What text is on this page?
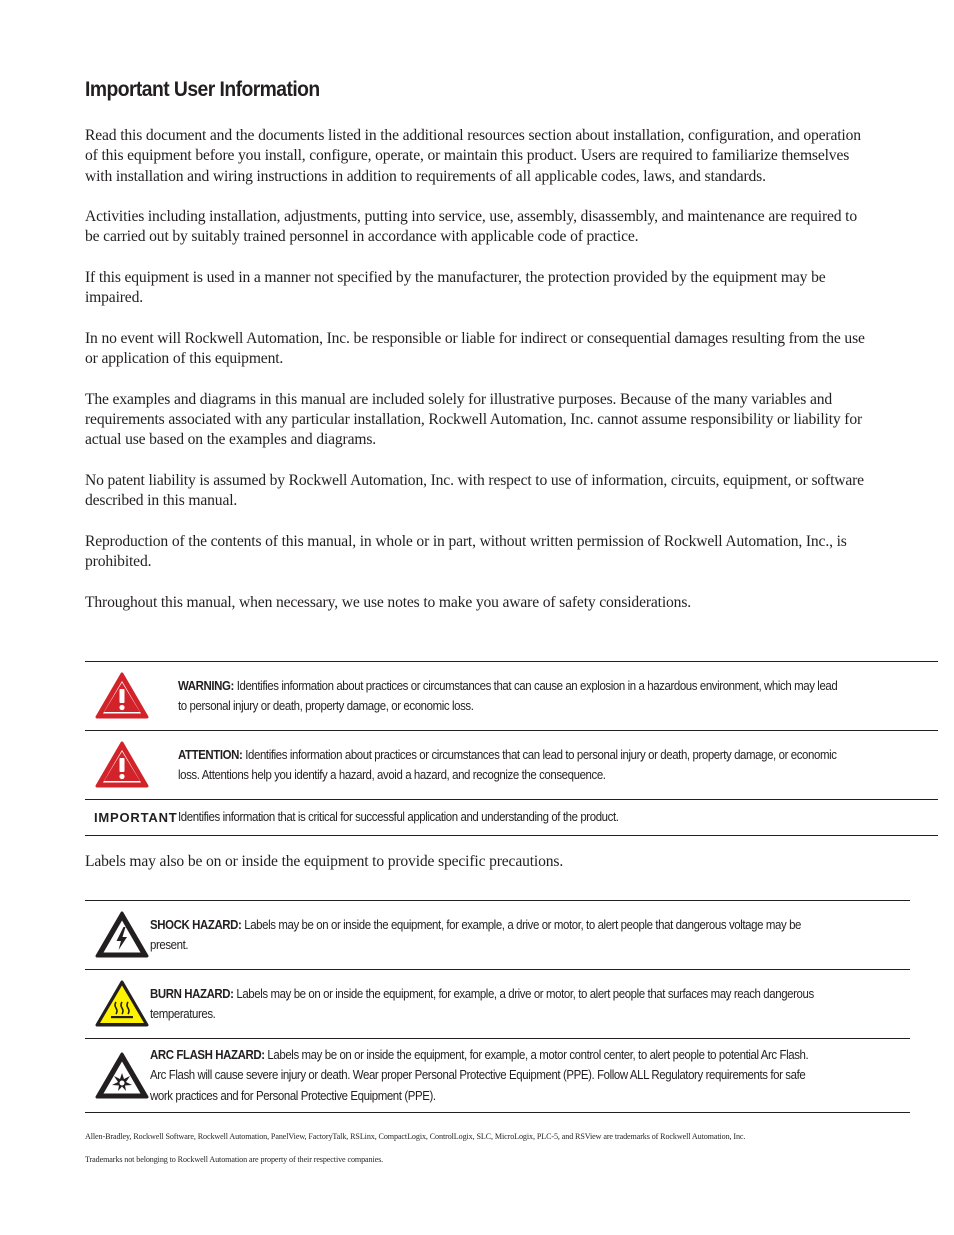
Important User Information

Read this document and the documents listed in the additional resources section about installation, configuration, and operation of this equipment before you install, configure, operate, or maintain this product. Users are required to familiarize themselves with installation and wiring instructions in addition to requirements of all applicable codes, laws, and standards.

Activities including installation, adjustments, putting into service, use, assembly, disassembly, and maintenance are required to be carried out by suitably trained personnel in accordance with applicable code of practice.

If this equipment is used in a manner not specified by the manufacturer, the protection provided by the equipment may be impaired.

In no event will Rockwell Automation, Inc. be responsible or liable for indirect or consequential damages resulting from the use or application of this equipment.

The examples and diagrams in this manual are included solely for illustrative purposes. Because of the many variables and requirements associated with any particular installation, Rockwell Automation, Inc. cannot assume responsibility or liability for actual use based on the examples and diagrams.

No patent liability is assumed by Rockwell Automation, Inc. with respect to use of information, circuits, equipment, or software described in this manual.

Reproduction of the contents of this manual, in whole or in part, without written permission of Rockwell Automation, Inc., is prohibited.

Throughout this manual, when necessary, we use notes to make you aware of safety considerations.

	WARNING: Identifies information about practices or circumstances that can cause an explosion in a hazardous environment, which may lead to personal injury or death, property damage, or economic loss.

	ATTENTION: Identifies information about practices or circumstances that can lead to personal injury or death, property damage, or economic loss. Attentions help you identify a hazard, avoid a hazard, and recognize the consequence.
IMPORTANT	Identifies information that is critical for successful application and understanding of the product.
Labels may also be on or inside the equipment to provide specific precautions.
	SHOCK HAZARD: Labels may be on or inside the equipment, for example, a drive or motor, to alert people that dangerous voltage may be present.

	BURN HAZARD: Labels may be on or inside the equipment, for example, a drive or motor, to alert people that surfaces may reach dangerous temperatures.

	ARC FLASH HAZARD: Labels may be on or inside the equipment, for example, a motor control center, to alert people to potential Arc Flash. Arc Flash will cause severe injury or death. Wear proper Personal Protective Equipment (PPE). Follow ALL Regulatory requirements for safe work practices and for Personal Protective Equipment (PPE).
Allen-Bradley, Rockwell Software, Rockwell Automation, PanelView, FactoryTalk, RSLinx, CompactLogix, ControlLogix, SLC, MicroLogix, PLC-5, and RSView are trademarks of Rockwell Automation, Inc.
Trademarks not belonging to Rockwell Automation are property of their respective companies.
